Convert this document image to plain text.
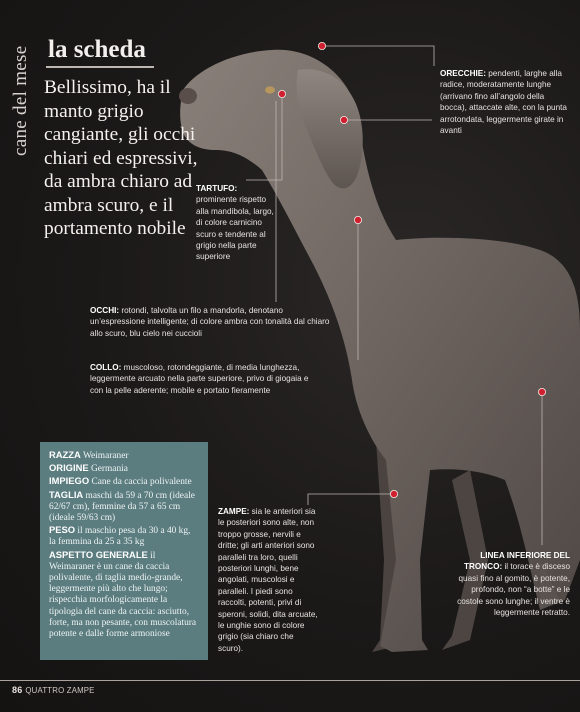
cane del mese la scheda
Bellissimo, ha il manto grigio cangiante, gli occhi chiari ed espressivi, da ambra chiaro ad ambra scuro, e il portamento nobile
TARTUFO:
prominente rispetto alla mandibola, largo, di colore carnicino scuro e tendente al grigio nella parte superiore
ORECCHIE: pendenti, larghe alla radice, moderatamente lunghe (arrivano fino all’angolo della bocca), attaccate alte, con la punta arrotondata, leggermente girate in avanti
OCCHI: rotondi, talvolta un filo a mandorla, denotano un’espressione intelligente; di colore ambra con tonalità dal chiaro allo scuro, blu cielo nei cuccioli
COLLO: muscoloso, rotondeggiante, di media lunghezza, leggermente arcuato nella parte superiore, privo di giogaia e con la pelle aderente; mobile e portato fieramente
ZAMPE: sia le anteriori sia le posteriori sono alte, non troppo grosse, nervili e dritte; gli arti anteriori sono paralleli tra loro, quelli posteriori lunghi, bene angolati, muscolosi e paralleli. I piedi sono raccolti, potenti, privi di speroni, solidi, dita arcuate, le unghie sono di colore grigio (sia chiaro che scuro).
LINEA INFERIORE DEL TRONCO: il torace è disceso quasi fino al gomito, è potente, profondo, non “a botte” e le costole sono lunghe; il ventre è leggermente retratto.
RAZZA Weimaraner
ORIGINE Germania
IMPIEGO Cane da caccia polivalente
TAGLIA maschi da 59 a 70 cm (ideale 62/67 cm), femmine da 57 a 65 cm (ideale 59/63 cm)
PESO il maschio pesa da 30 a 40 kg, la femmina da 25 a 35 kg
ASPETTO GENERALE il Weimaraner è un cane da caccia polivalente, di taglia medio-grande, leggermente più alto che lungo; rispecchia morfologicamente la tipologia del cane da caccia: asciutto, forte, ma non pesante, con muscolatura potente e dalle forme armoniose
86 QUATTRO ZAMPE
